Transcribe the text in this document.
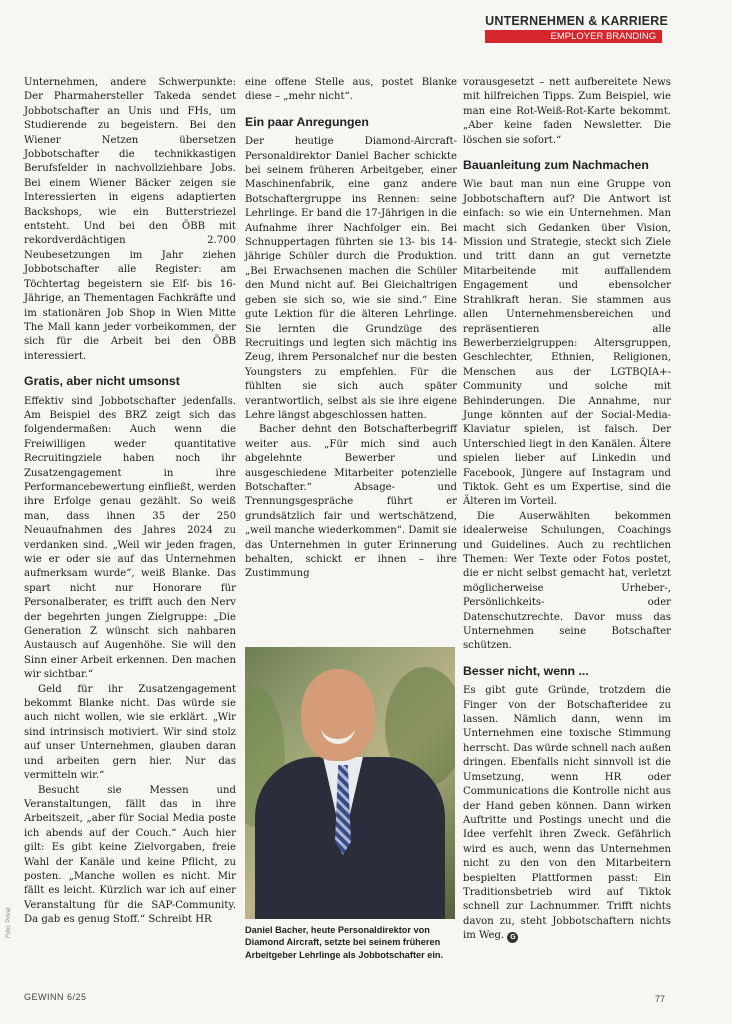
UNTERNEHMEN & KARRIERE
EMPLOYER BRANDING

Unternehmen, andere Schwerpunkte: Der Pharmahersteller Takeda sendet Jobbotschafter an Unis und FHs, um Studierende zu begeistern. Bei den Wiener Netzen übersetzen Jobbotschafter die technikkastigen Berufsfelder in nachvollziehbare Jobs. Bei einem Wiener Bäcker zeigen sie Interessierten in eigens adaptierten Backshops, wie ein Butterstriezel entsteht. Und bei den ÖBB mit rekordverdächtigen 2.700 Neubesetzungen im Jahr ziehen Jobbotschafter alle Register: am Töchtertag begeistern sie Elf- bis 16-Jährige, an Thementagen Fachkräfte und im stationären Job Shop in Wien Mitte The Mall kann jeder vorbeikommen, der sich für die Arbeit bei den ÖBB interessiert.

Gratis, aber nicht umsonst

Effektiv sind Jobbotschafter jedenfalls. Am Beispiel des BRZ zeigt sich das folgendermaßen: Auch wenn die Freiwilligen weder quantitative Recruitingziele haben noch ihr Zusatzengagement in ihre Performancebewertung einfließt, werden ihre Erfolge genau gezählt. So weiß man, dass ihnen 35 der 250 Neuaufnahmen des Jahres 2024 zu verdanken sind. „Weil wir jeden fragen, wie er oder sie auf das Unternehmen aufmerksam wurde“, weiß Blanke. Das spart nicht nur Honorare für Personalberater, es trifft auch den Nerv der begehrten jungen Zielgruppe: „Die Generation Z wünscht sich nahbaren Austausch auf Augenhöhe. Sie will den Sinn einer Arbeit erkennen. Den machen wir sichtbar.“

Geld für ihr Zusatzengagement bekommt Blanke nicht. Das würde sie auch nicht wollen, wie sie erklärt. „Wir sind intrinsisch motiviert. Wir sind stolz auf unser Unternehmen, glauben daran und arbeiten gern hier. Nur das vermitteln wir.“

Besucht sie Messen und Veranstaltungen, fällt das in ihre Arbeitszeit, „aber für Social Media poste ich abends auf der Couch.“ Auch hier gilt: Es gibt keine Zielvorgaben, freie Wahl der Kanäle und keine Pflicht, zu posten. „Manche wollen es nicht. Mir fällt es leicht. Kürzlich war ich auf einer Veranstaltung für die SAP-Community. Da gab es genug Stoff.“ Schreibt HR

eine offene Stelle aus, postet Blanke diese – „mehr nicht“.

Ein paar Anregungen

Der heutige Diamond-Aircraft-Personaldirektor Daniel Bacher schickte bei seinem früheren Arbeitgeber, einer Maschinenfabrik, eine ganz andere Botschaftergruppe ins Rennen: seine Lehrlinge. Er band die 17-Jährigen in die Aufnahme ihrer Nachfolger ein. Bei Schnuppertagen führten sie 13- bis 14-jährige Schüler durch die Produktion. „Bei Erwachsenen machen die Schüler den Mund nicht auf. Bei Gleichaltrigen geben sie sich so, wie sie sind.“ Eine gute Lektion für die älteren Lehrlinge. Sie lernten die Grundzüge des Recruitings und legten sich mächtig ins Zeug, ihrem Personalchef nur die besten Youngsters zu empfehlen. Für die fühlten sie sich auch später verantwortlich, selbst als sie ihre eigene Lehre längst abgeschlossen hatten.

Bacher dehnt den Botschafterbegriff weiter aus. „Für mich sind auch abgelehnte Bewerber und ausgeschiedene Mitarbeiter potenzielle Botschafter.“ Absage- und Trennungsgespräche führt er grundsätzlich fair und wertschätzend, „weil manche wiederkommen“. Damit sie das Unternehmen in guter Erinnerung behalten, schickt er ihnen – ihre Zustimmung

Daniel Bacher, heute Personaldirektor von Diamond Aircraft, setzte bei seinem früheren Arbeitgeber Lehrlinge als Jobbotschafter ein.
Foto: Privat

vorausgesetzt – nett aufbereitete News mit hilfreichen Tipps. Zum Beispiel, wie man eine Rot-Weiß-Rot-Karte bekommt. „Aber keine faden Newsletter. Die löschen sie sofort.“

Bauanleitung zum Nachmachen

Wie baut man nun eine Gruppe von Jobbotschaftern auf? Die Antwort ist einfach: so wie ein Unternehmen. Man macht sich Gedanken über Vision, Mission und Strategie, steckt sich Ziele und tritt dann an gut vernetzte Mitarbeitende mit auffallendem Engagement und ebensolcher Strahlkraft heran. Sie stammen aus allen Unternehmensbereichen und repräsentieren alle Bewerberzielgruppen: Altersgruppen, Geschlechter, Ethnien, Religionen, Menschen aus der LGTBQIA+-Community und solche mit Behinderungen. Die Annahme, nur Junge könnten auf der Social-Media-Klaviatur spielen, ist falsch. Der Unterschied liegt in den Kanälen. Ältere spielen lieber auf Linkedin und Facebook, Jüngere auf Instagram und Tiktok. Geht es um Expertise, sind die Älteren im Vorteil.

Die Auserwählten bekommen idealerweise Schulungen, Coachings und Guidelines. Auch zu rechtlichen Themen: Wer Texte oder Fotos postet, die er nicht selbst gemacht hat, verletzt möglicherweise Urheber-, Persönlichkeits- oder Datenschutzrechte. Davor muss das Unternehmen seine Botschafter schützen.

Besser nicht, wenn ...

Es gibt gute Gründe, trotzdem die Finger von der Botschafteridee zu lassen. Nämlich dann, wenn im Unternehmen eine toxische Stimmung herrscht. Das würde schnell nach außen dringen. Ebenfalls nicht sinnvoll ist die Umsetzung, wenn HR oder Communications die Kontrolle nicht aus der Hand geben können. Dann wirken Auftritte und Postings unecht und die Idee verfehlt ihren Zweck. Gefährlich wird es auch, wenn das Unternehmen nicht zu den von den Mitarbeitern bespielten Plattformen passt: Ein Traditionsbetrieb wird auf Tiktok schnell zur Lachnummer. Trifft nichts davon zu, steht Jobbotschaftern nichts im Weg. G

GEWINN 6/25	77
